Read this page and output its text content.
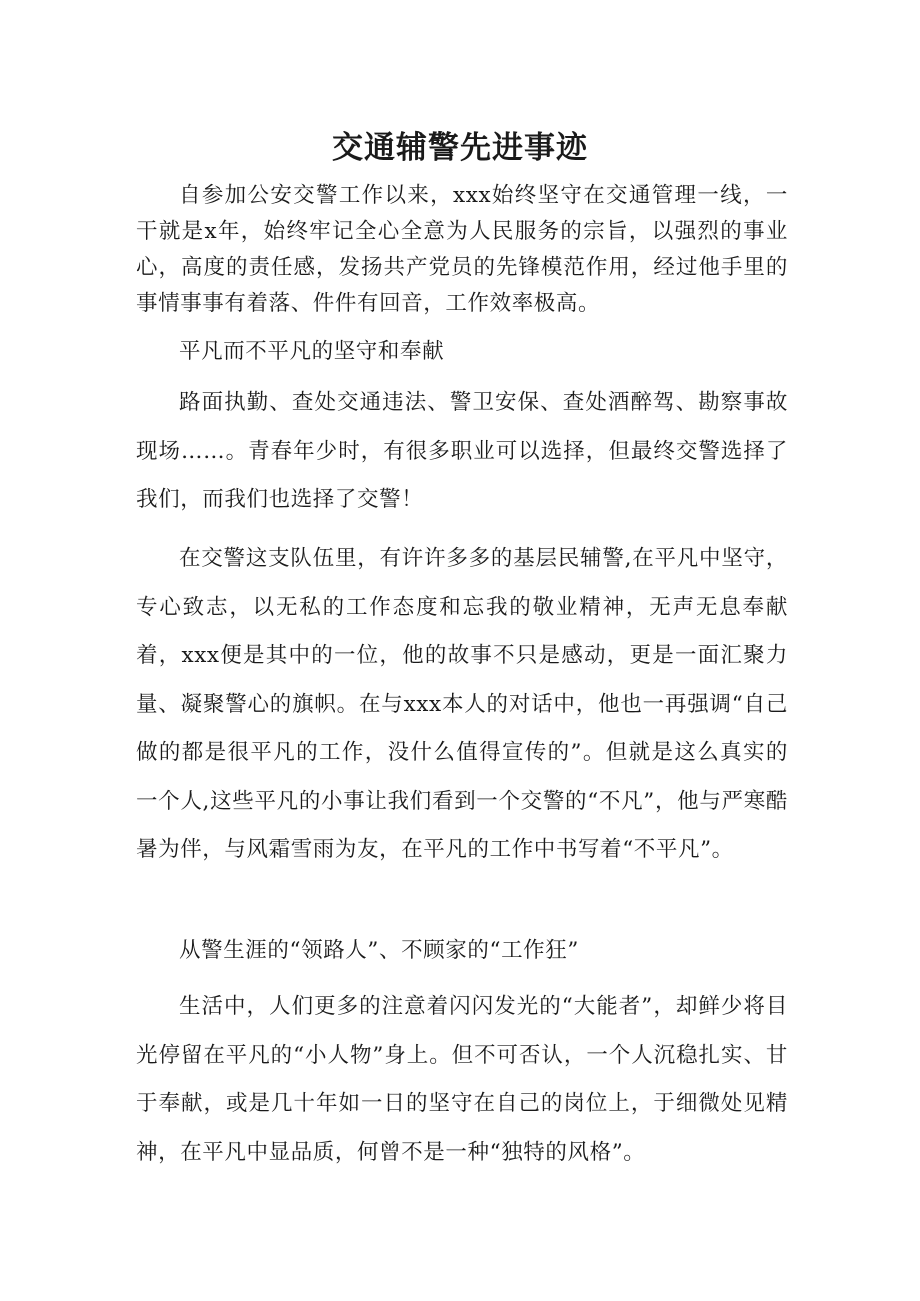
交通辅警先进事迹

自参加公安交警工作以来，xxx始终坚守在交通管理一线，一干就是x年，始终牢记全心全意为人民服务的宗旨，以强烈的事业心，高度的责任感，发扬共产党员的先锋模范作用，经过他手里的事情事事有着落、件件有回音，工作效率极高。

平凡而不平凡的坚守和奉献

路面执勤、查处交通违法、警卫安保、查处酒醉驾、勘察事故现场……。青春年少时，有很多职业可以选择，但最终交警选择了我们，而我们也选择了交警！

在交警这支队伍里，有许许多多的基层民辅警,在平凡中坚守，专心致志，以无私的工作态度和忘我的敬业精神，无声无息奉献着，xxx便是其中的一位，他的故事不只是感动，更是一面汇聚力量、凝聚警心的旗帜。在与xxx本人的对话中，他也一再强调“自己做的都是很平凡的工作，没什么值得宣传的”。但就是这么真实的一个人,这些平凡的小事让我们看到一个交警的“不凡”，他与严寒酷暑为伴，与风霜雪雨为友，在平凡的工作中书写着“不平凡”。

从警生涯的“领路人”、不顾家的“工作狂”

生活中，人们更多的注意着闪闪发光的“大能者”，却鲜少将目光停留在平凡的“小人物”身上。但不可否认，一个人沉稳扎实、甘于奉献，或是几十年如一日的坚守在自己的岗位上，于细微处见精神，在平凡中显品质，何曾不是一种“独特的风格”。
